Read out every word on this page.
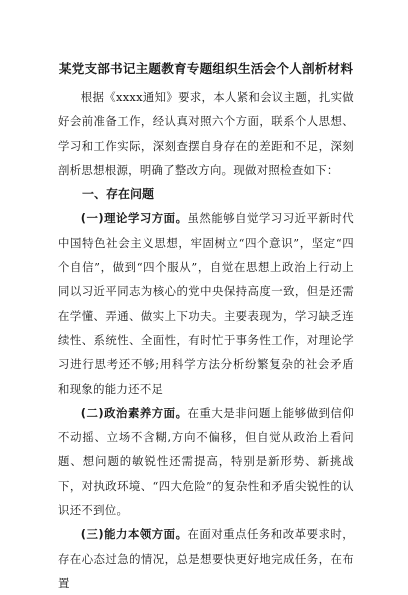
某党支部书记主题教育专题组织生活会个人剖析材料

根据《xxxx通知》要求，本人紧和会议主题，扎实做好会前准备工作，经认真对照六个方面，联系个人思想、学习和工作实际，深刻查摆自身存在的差距和不足，深刻剖析思想根源，明确了整改方向。现做对照检查如下：

一、存在问题

(一)理论学习方面。虽然能够自觉学习习近平新时代中国特色社会主义思想，牢固树立“四个意识”，坚定“四个自信”，做到“四个服从”，自觉在思想上政治上行动上同以习近平同志为核心的党中央保持高度一致，但是还需在学懂、弄通、做实上下功夫。主要表现为，学习缺乏连续性、系统性、全面性，有时忙于事务性工作，对理论学习进行思考还不够;用科学方法分析纷繁复杂的社会矛盾和现象的能力还不足

(二)政治素养方面。在重大是非问题上能够做到信仰不动摇、立场不含糊,方向不偏移，但自觉从政治上看问题、想问题的敏锐性还需提高，特别是新形势、新挑战下，对执政环境、“四大危险”的复杂性和矛盾尖锐性的认识还不到位。

(三)能力本领方面。在面对重点任务和改革要求时，存在心态过急的情况，总是想要快更好地完成任务，在布置
